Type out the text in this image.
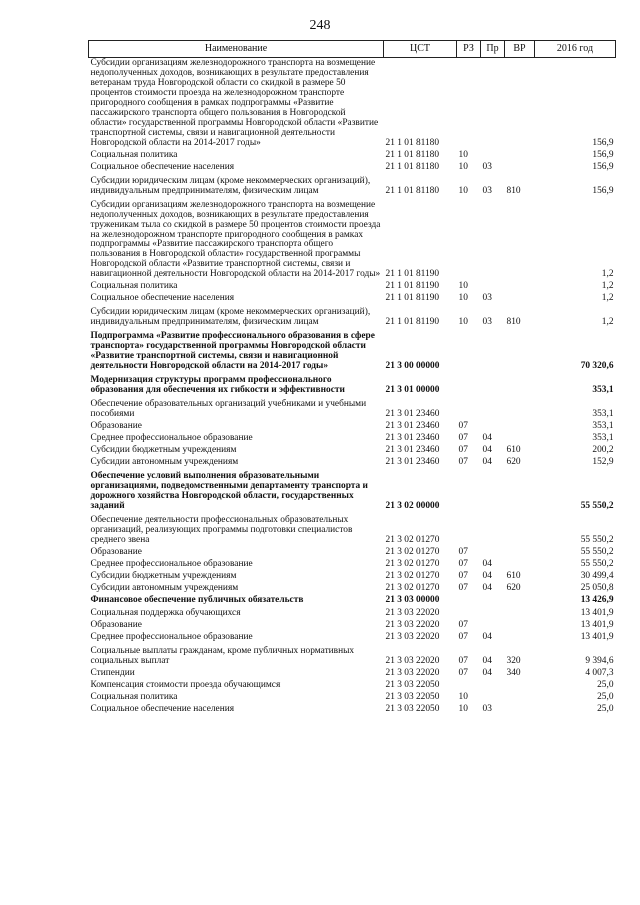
248
Наименование	ЦСТ	РЗ	Пр	ВР	2016 год
Субсидии организациям железнодорожного транспорта на возмещение недополученных доходов, возникающих в результате предоставления ветеранам труда Новгородской области со скидкой в размере 50 процентов стоимости проезда на железнодорожном транспорте пригородного сообщения в рамках подпрограммы «Развитие пассажирского транспорта общего пользования в Новгородской области» государственной программы Новгородской области «Развитие транспортной системы, связи и навигационной деятельности Новгородской области на 2014-2017 годы»	21 1 01 81180				156,9
Социальная политика	21 1 01 81180	10			156,9
Социальное обеспечение населения	21 1 01 81180	10	03		156,9
Субсидии юридическим лицам (кроме некоммерческих организаций), индивидуальным предпринимателям, физическим лицам	21 1 01 81180	10	03	810	156,9
Субсидии организациям железнодорожного транспорта на возмещение недополученных доходов, возникающих в результате предоставления труженикам тыла со скидкой в размере 50 процентов стоимости проезда на железнодорожном транспорте пригородного сообщения в рамках подпрограммы «Развитие пассажирского транспорта общего пользования в Новгородской области» государственной программы Новгородской области «Развитие транспортной системы, связи и навигационной деятельности Новгородской области на 2014-2017 годы»	21 1 01 81190				1,2
Социальная политика	21 1 01 81190	10			1,2
Социальное обеспечение населения	21 1 01 81190	10	03		1,2
Субсидии юридическим лицам (кроме некоммерческих организаций), индивидуальным предпринимателям, физическим лицам	21 1 01 81190	10	03	810	1,2
Подпрограмма «Развитие профессионального образования в сфере транспорта» государственной программы Новгородской области «Развитие транспортной системы, связи и навигационной деятельности Новгородской области на 2014-2017 годы»	21 3 00 00000				70 320,6
Модернизация структуры программ профессионального образования для обеспечения их гибкости и эффективности	21 3 01 00000				353,1
Обеспечение образовательных организаций учебниками и учебными пособиями	21 3 01 23460				353,1
Образование	21 3 01 23460	07			353,1
Среднее профессиональное образование	21 3 01 23460	07	04		353,1
Субсидии бюджетным учреждениям	21 3 01 23460	07	04	610	200,2
Субсидии автономным учреждениям	21 3 01 23460	07	04	620	152,9
Обеспечение условий выполнения образовательными организациями, подведомственными департаменту транспорта и дорожного хозяйства Новгородской области, государственных заданий	21 3 02 00000				55 550,2
Обеспечение деятельности профессиональных образовательных организаций, реализующих программы подготовки специалистов среднего звена	21 3 02 01270				55 550,2
Образование	21 3 02 01270	07			55 550,2
Среднее профессиональное образование	21 3 02 01270	07	04		55 550,2
Субсидии бюджетным учреждениям	21 3 02 01270	07	04	610	30 499,4
Субсидии автономным учреждениям	21 3 02 01270	07	04	620	25 050,8
Финансовое обеспечение публичных обязательств	21 3 03 00000				13 426,9
Социальная поддержка обучающихся	21 3 03 22020				13 401,9
Образование	21 3 03 22020	07			13 401,9
Среднее профессиональное образование	21 3 03 22020	07	04		13 401,9
Социальные выплаты гражданам, кроме публичных нормативных социальных выплат	21 3 03 22020	07	04	320	9 394,6
Стипендии	21 3 03 22020	07	04	340	4 007,3
Компенсация стоимости проезда обучающимся	21 3 03 22050				25,0
Социальная политика	21 3 03 22050	10			25,0
Социальное обеспечение населения	21 3 03 22050	10	03		25,0
